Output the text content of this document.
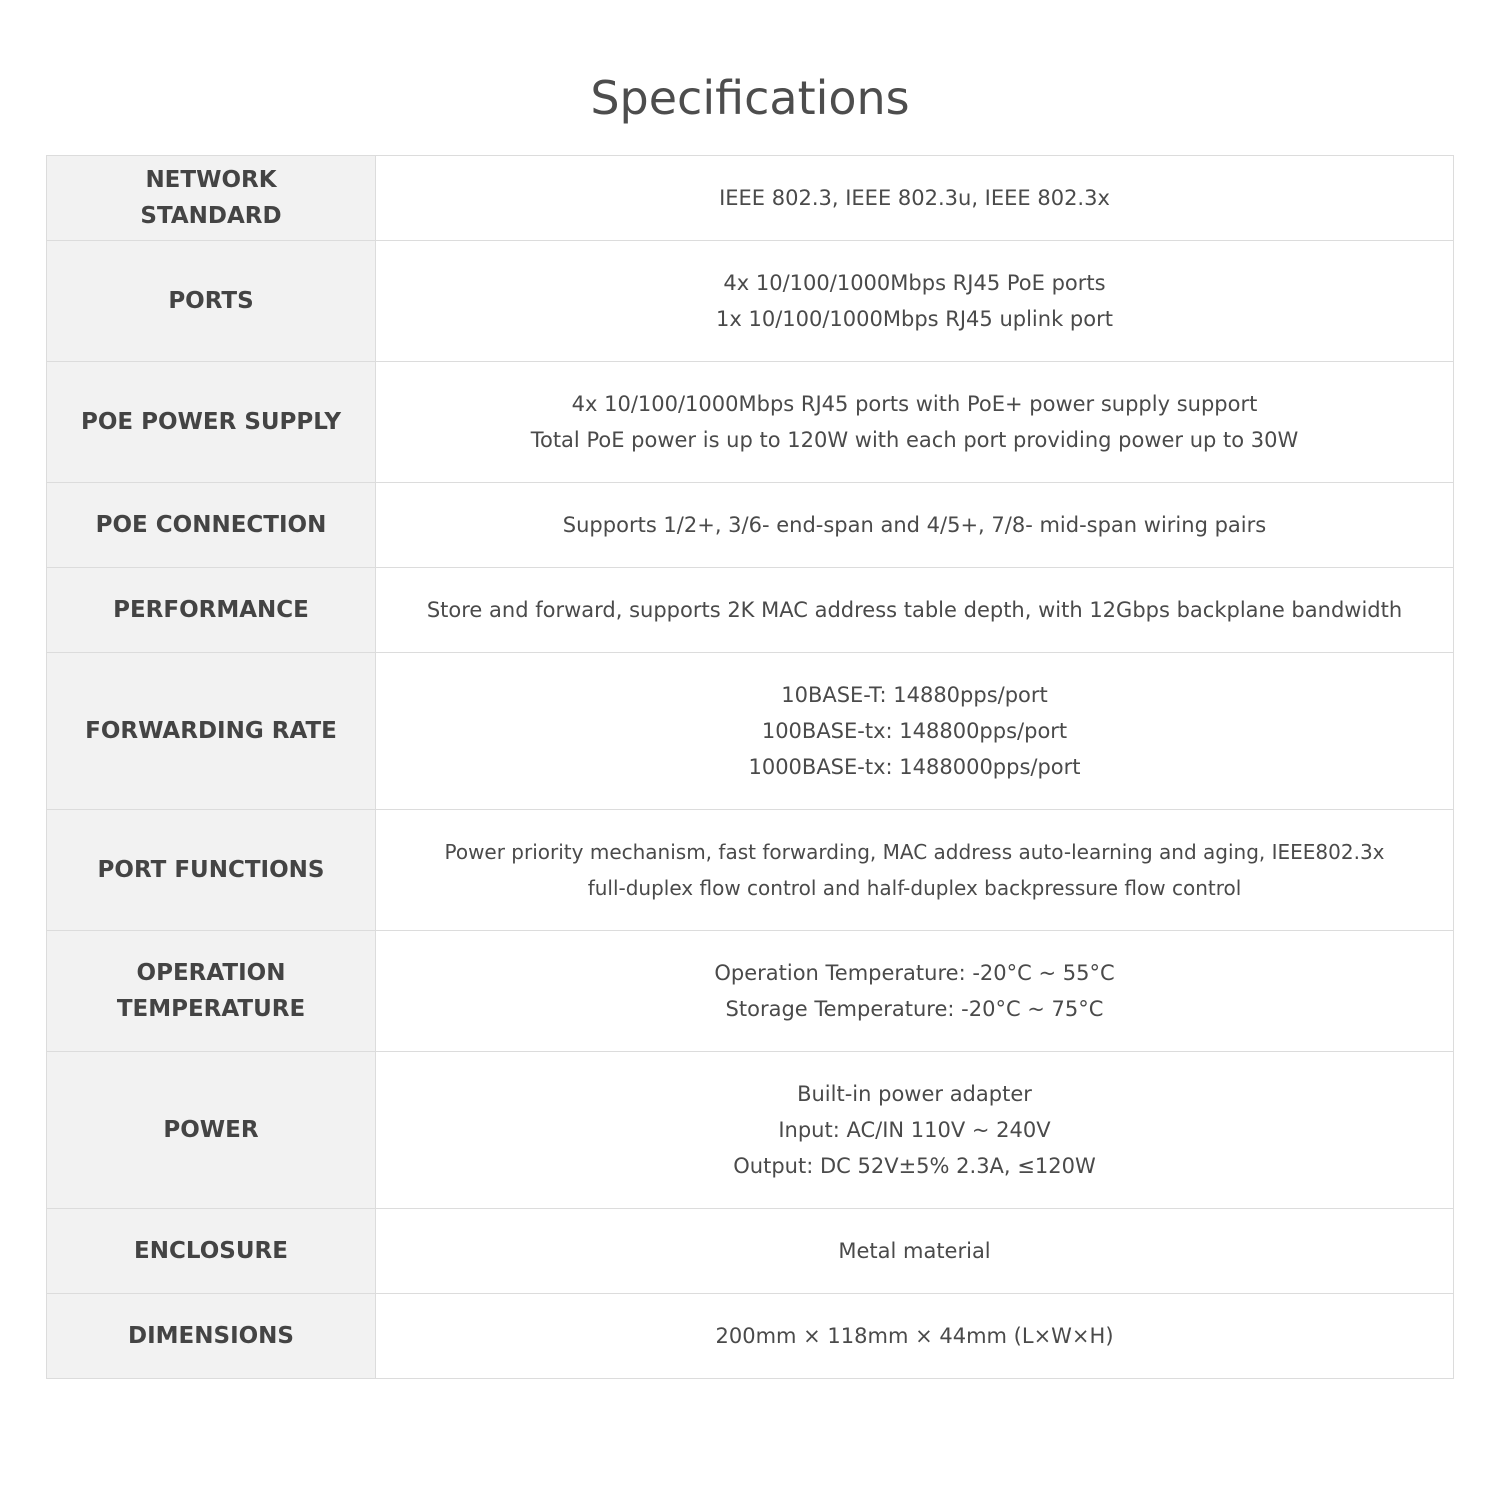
Specifications
NETWORK
STANDARD	IEEE 802.3, IEEE 802.3u, IEEE 802.3x

PORTS	4x 10/100/1000Mbps RJ45 PoE ports
1x 10/100/1000Mbps RJ45 uplink port

POE POWER SUPPLY	4x 10/100/1000Mbps RJ45 ports with PoE+ power supply support
Total PoE power is up to 120W with each port providing power up to 30W

POE CONNECTION	Supports 1/2+, 3/6- end-span and 4/5+, 7/8- mid-span wiring pairs

PERFORMANCE	Store and forward, supports 2K MAC address table depth, with 12Gbps backplane bandwidth

FORWARDING RATE	10BASE-T: 14880pps/port
100BASE-tx: 148800pps/port
1000BASE-tx: 1488000pps/port

PORT FUNCTIONS	Power priority mechanism, fast forwarding, MAC address auto-learning and aging, IEEE802.3x
full-duplex flow control and half-duplex backpressure flow control

OPERATION
TEMPERATURE	Operation Temperature: -20°C ~ 55°C
Storage Temperature: -20°C ~ 75°C

POWER	Built-in power adapter
Input: AC/IN 110V ~ 240V
Output: DC 52V±5% 2.3A, ≤120W

ENCLOSURE	Metal material

DIMENSIONS	200mm × 118mm × 44mm (L×W×H)
